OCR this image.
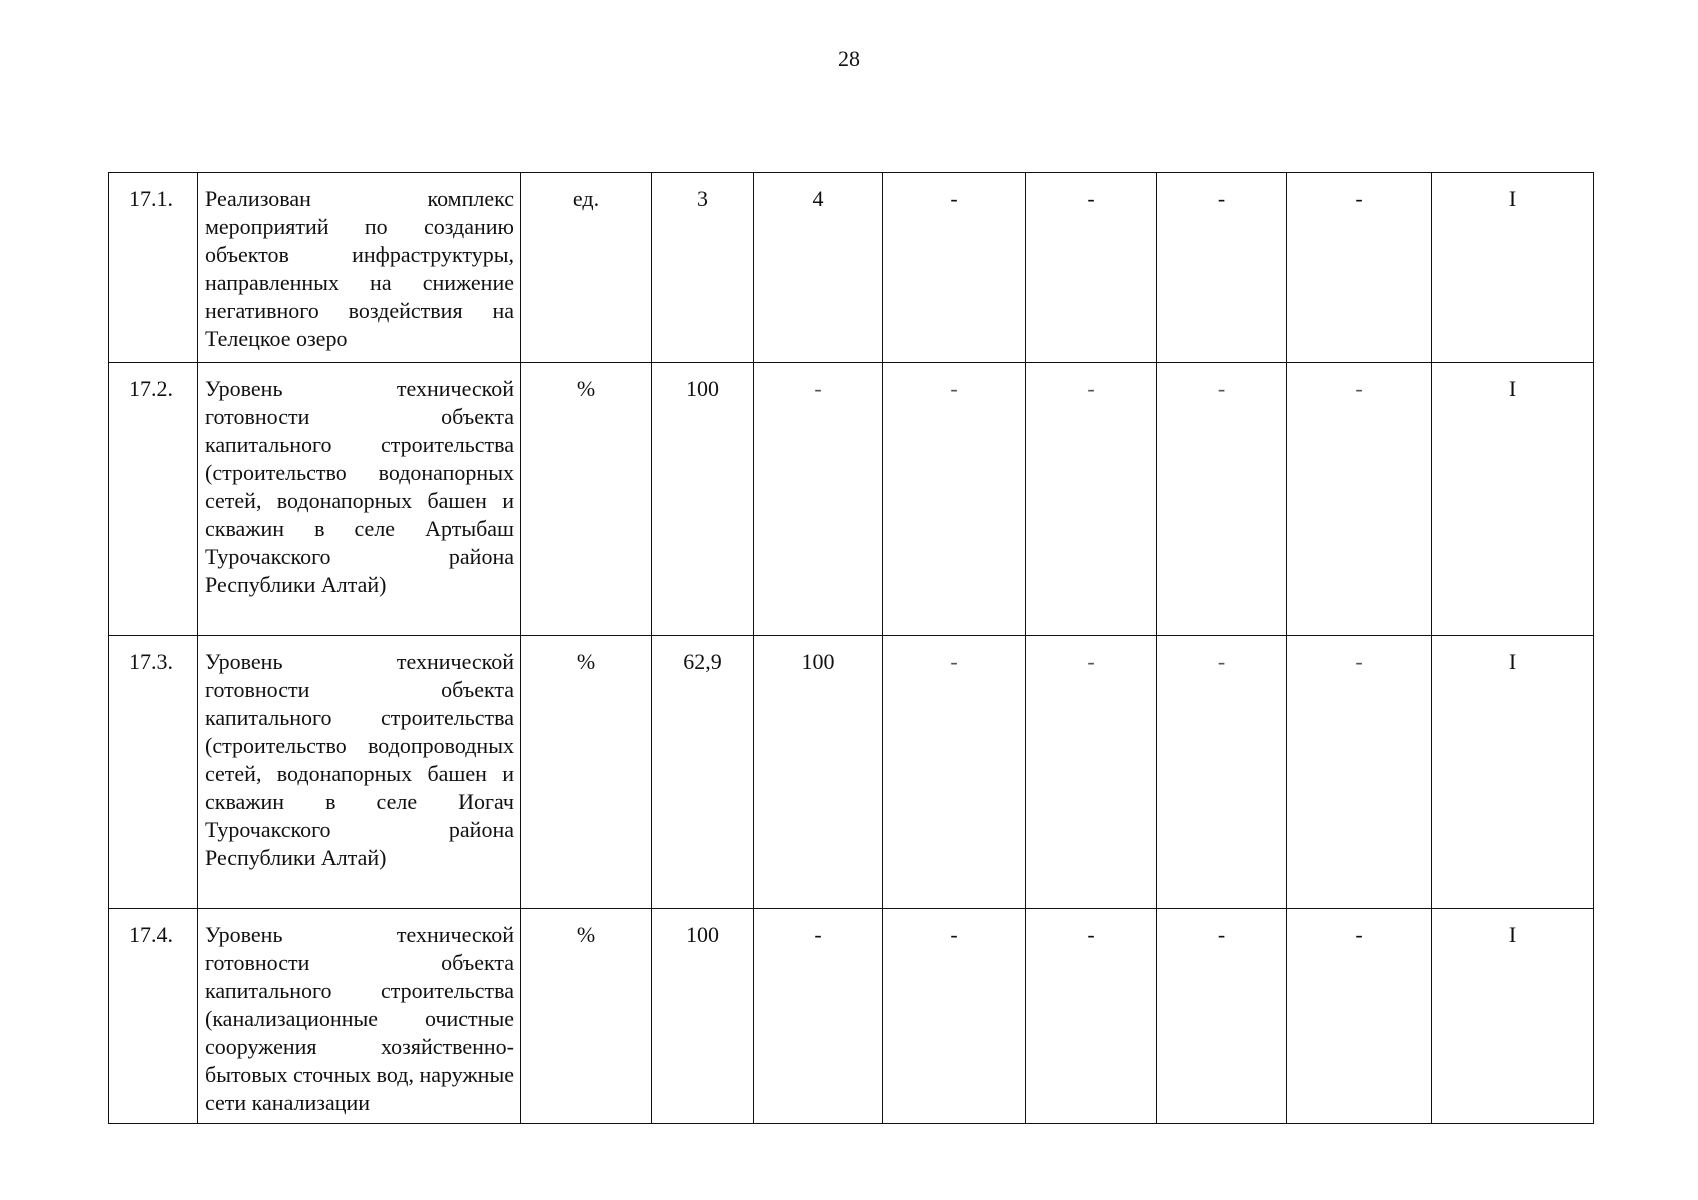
28
17.1.	Реализован комплекс мероприятий по созданию объектов инфраструктуры, направленных на снижение негативного воздействия на Телецкое озеро	ед.	3	4	-	-	-	-	I
17.2.	Уровень технической готовности объекта капитального строительства (строительство водонапорных сетей, водонапорных башен и скважин в селе Артыбаш Турочакского района Республики Алтай)	%	100	-	-	-	-	-	I
17.3.	Уровень технической готовности объекта капитального строительства (строительство водопроводных сетей, водонапорных башен и скважин в селе Иогач Турочакского района Республики Алтай)	%	62,9	100	-	-	-	-	I
17.4.	Уровень технической готовности объекта капитального строительства (канализационные очистные сооружения хозяйственно-бытовых сточных вод, наружные сети канализации	%	100	-	-	-	-	-	I
